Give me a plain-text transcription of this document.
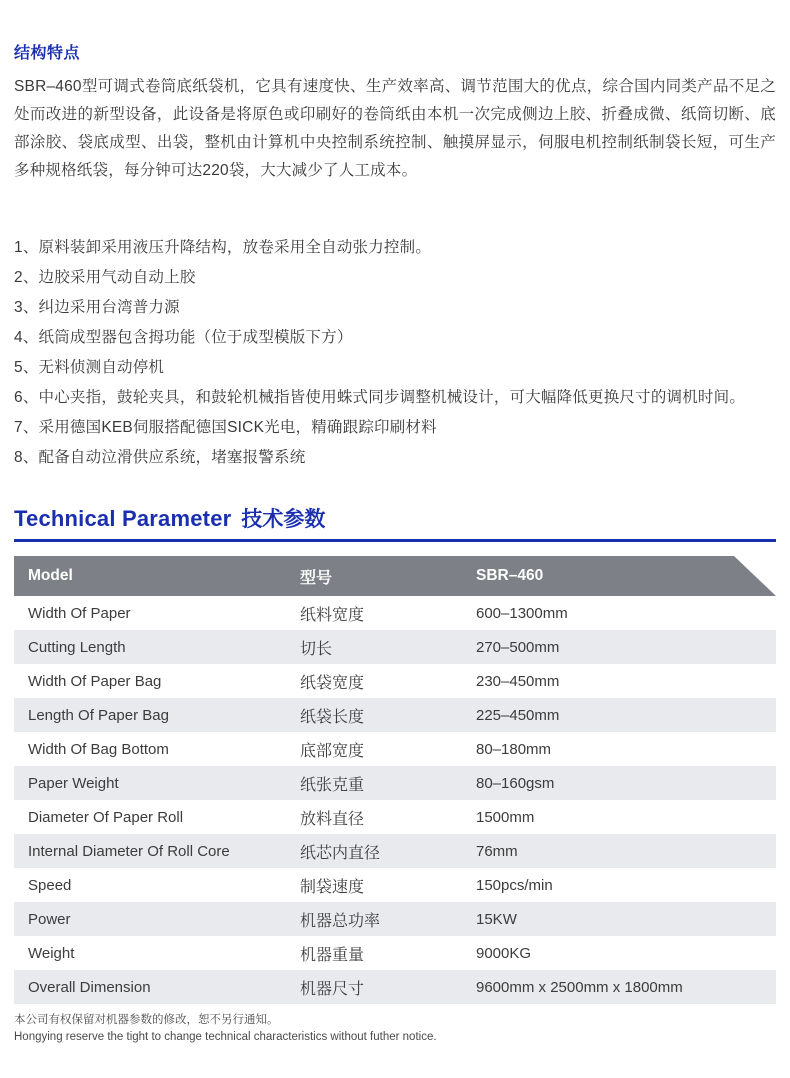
结构特点

SBR–460型可调式卷筒底纸袋机，它具有速度快、生产效率高、调节范围大的优点，综合国内同类产品不足之处而改进的新型设备，此设备是将原色或印刷好的卷筒纸由本机一次完成侧边上胶、折叠成微、纸筒切断、底部涂胶、袋底成型、出袋，整机由计算机中央控制系统控制、触摸屏显示，伺服电机控制纸制袋长短，可生产多种规格纸袋，每分钟可达220袋，大大减少了人工成本。

1、原料装卸采用液压升降结构，放卷采用全自动张力控制。
2、边胶采用气动自动上胶
3、纠边采用台湾普力源
4、纸筒成型器包含拇功能（位于成型模版下方）
5、无料侦测自动停机
6、中心夹指，鼓轮夹具，和鼓轮机械指皆使用蛛式同步调整机械设计，可大幅降低更换尺寸的调机时间。
7、采用德国KEB伺服搭配德国SICK光电，精确跟踪印刷材料
8、配备自动泣滑供应系统，堵塞报警系统
Technical Parameter 技术参数
Model	型号	SBR–460
Width Of Paper	纸料宽度	600–1300mm
Cutting Length	切长	270–500mm
Width Of Paper Bag	纸袋宽度	230–450mm
Length Of Paper Bag	纸袋长度	225–450mm
Width Of Bag Bottom	底部宽度	80–180mm
Paper Weight	纸张克重	80–160gsm
Diameter Of Paper Roll	放料直径	1500mm
Internal Diameter Of Roll Core	纸芯内直径	76mm
Speed	制袋速度	150pcs/min
Power	机器总功率	15KW
Weight	机器重量	9000KG
Overall Dimension	机器尺寸	9600mm x 2500mm x 1800mm
本公司有权保留对机器参数的修改，恕不另行通知。
Hongying reserve the tight to change technical characteristics without futher notice.
